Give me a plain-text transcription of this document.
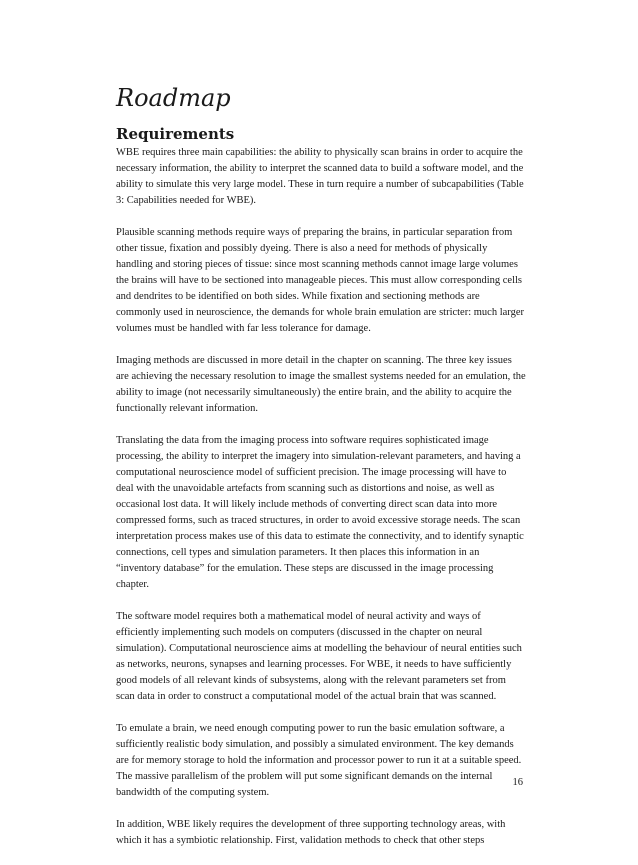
Roadmap
Requirements

WBE requires three main capabilities: the ability to physically scan brains in order to acquire the necessary information, the ability to interpret the scanned data to build a software model, and the ability to simulate this very large model. These in turn require a number of subcapabilities (Table 3: Capabilities needed for WBE).

Plausible scanning methods require ways of preparing the brains, in particular separation from other tissue, fixation and possibly dyeing. There is also a need for methods of physically handling and storing pieces of tissue: since most scanning methods cannot image large volumes the brains will have to be sectioned into manageable pieces. This must allow corresponding cells and dendrites to be identified on both sides. While fixation and sectioning methods are commonly used in neuroscience, the demands for whole brain emulation are stricter: much larger volumes must be handled with far less tolerance for damage.

Imaging methods are discussed in more detail in the chapter on scanning. The three key issues are achieving the necessary resolution to image the smallest systems needed for an emulation, the ability to image (not necessarily simultaneously) the entire brain, and the ability to acquire the functionally relevant information.

Translating the data from the imaging process into software requires sophisticated image processing, the ability to interpret the imagery into simulation-relevant parameters, and having a computational neuroscience model of sufficient precision. The image processing will have to deal with the unavoidable artefacts from scanning such as distortions and noise, as well as occasional lost data. It will likely include methods of converting direct scan data into more compressed forms, such as traced structures, in order to avoid excessive storage needs. The scan interpretation process makes use of this data to estimate the connectivity, and to identify synaptic connections, cell types and simulation parameters. It then places this information in an “inventory database” for the emulation. These steps are discussed in the image processing chapter.

The software model requires both a mathematical model of neural activity and ways of efficiently implementing such models on computers (discussed in the chapter on neural simulation). Computational neuroscience aims at modelling the behaviour of neural entities such as networks, neurons, synapses and learning processes. For WBE, it needs to have sufficiently good models of all relevant kinds of subsystems, along with the relevant parameters set from scan data in order to construct a computational model of the actual brain that was scanned.

To emulate a brain, we need enough computing power to run the basic emulation software, a sufficiently realistic body simulation, and possibly a simulated environment. The key demands are for memory storage to hold the information and processor power to run it at a suitable speed. The massive parallelism of the problem will put some significant demands on the internal bandwidth of the computing system.

In addition, WBE likely requires the development of three supporting technology areas, with which it has a symbiotic relationship. First, validation methods to check that other steps

16
